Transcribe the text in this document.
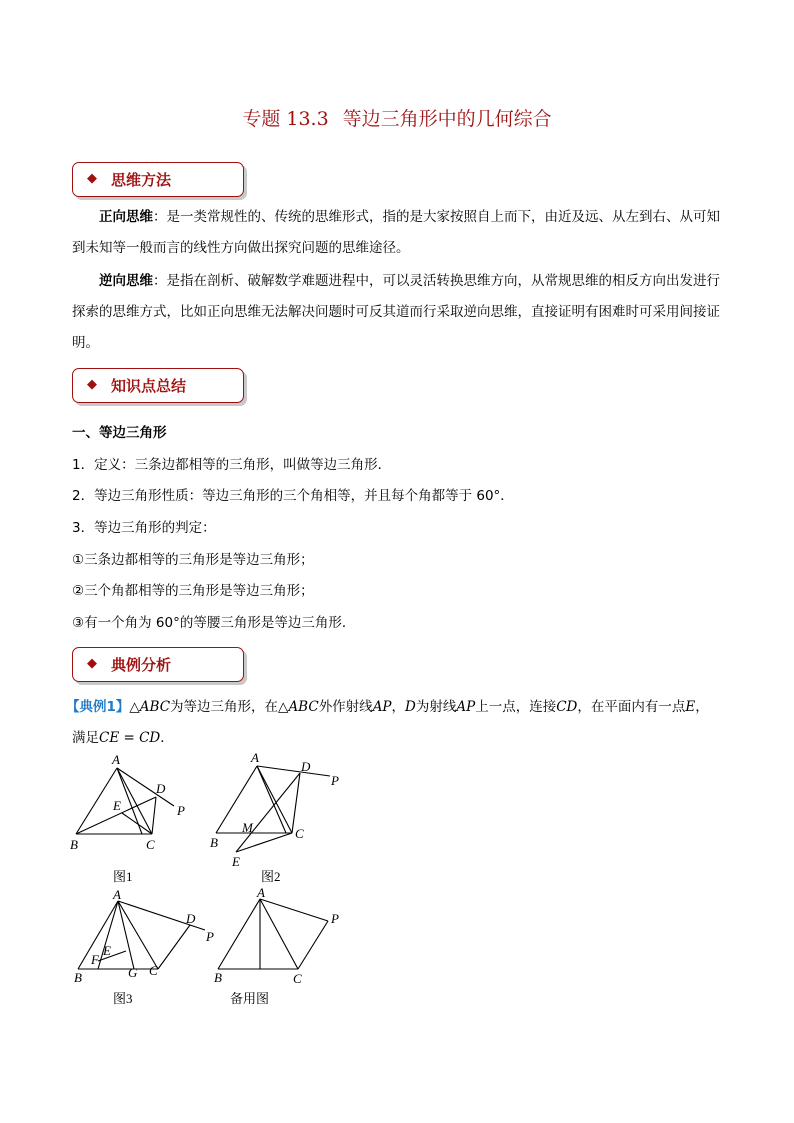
专题 13.3 等边三角形中的几何综合
◆ 思维方法
正向思维：是一类常规性的、传统的思维形式，指的是大家按照自上而下，由近及远、从左到右、从可知到未知等一般而言的线性方向做出探究问题的思维途径。
逆向思维：是指在剖析、破解数学难题进程中，可以灵活转换思维方向，从常规思维的相反方向出发进行探索的思维方式，比如正向思维无法解决问题时可反其道而行采取逆向思维，直接证明有困难时可采用间接证明。
◆ 知识点总结
一、等边三角形
1．定义：三条边都相等的三角形，叫做等边三角形．
2．等边三角形性质：等边三角形的三个角相等，并且每个角都等于 60°．
3．等边三角形的判定：
①三条边都相等的三角形是等边三角形；
②三个角都相等的三角形是等边三角形；
③有一个角为 60°的等腰三角形是等边三角形．
◆ 典例分析
【典例1】△ABC为等边三角形，在△ABC外作射线AP，D为射线AP上一点，连接CD，在平面内有一点E，
满足CE = CD．
A
B	C
D
E	P
图1
A
B
C
D
E
M
P
图2
A
B	C
D
E
F
G
P
图3
A
B	C
P
备用图
